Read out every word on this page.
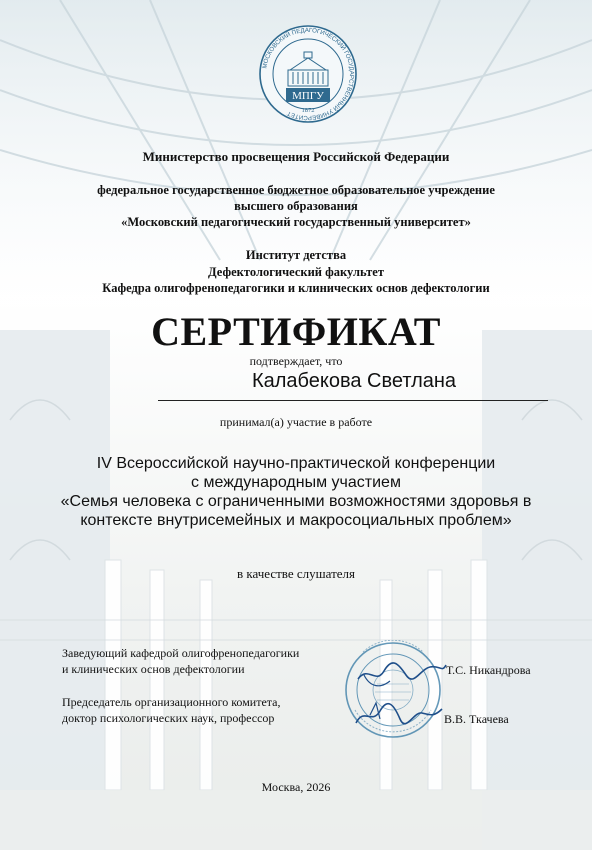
МОСКОВСКИЙ ПЕДАГОГИЧЕСКИЙ ГОСУДАРСТВЕННЫЙ УНИВЕРСИТЕТ
МПГУ
1872
Министерство просвещения Российской Федерации
федеральное государственное бюджетное образовательное учреждение
высшего образования
«Московский педагогический государственный университет»
Институт детства
Дефектологический факультет
Кафедра олигофренопедагогики и клинических основ дефектологии
СЕРТИФИКАТ
подтверждает, что
Калабекова Светлана
принимал(а) участие в работе
IV Всероссийской научно-практической конференции
с международным участием
«Семья человека с ограниченными возможностями здоровья в
контексте внутрисемейных и макросоциальных проблем»
в качестве слушателя
Заведующий кафедрой олигофренопедагогики
и клинических основ дефектологии	Т.С. Никандрова
Председатель организационного комитета,
доктор психологических наук, профессор	В.В. Ткачева
Москва, 2026
